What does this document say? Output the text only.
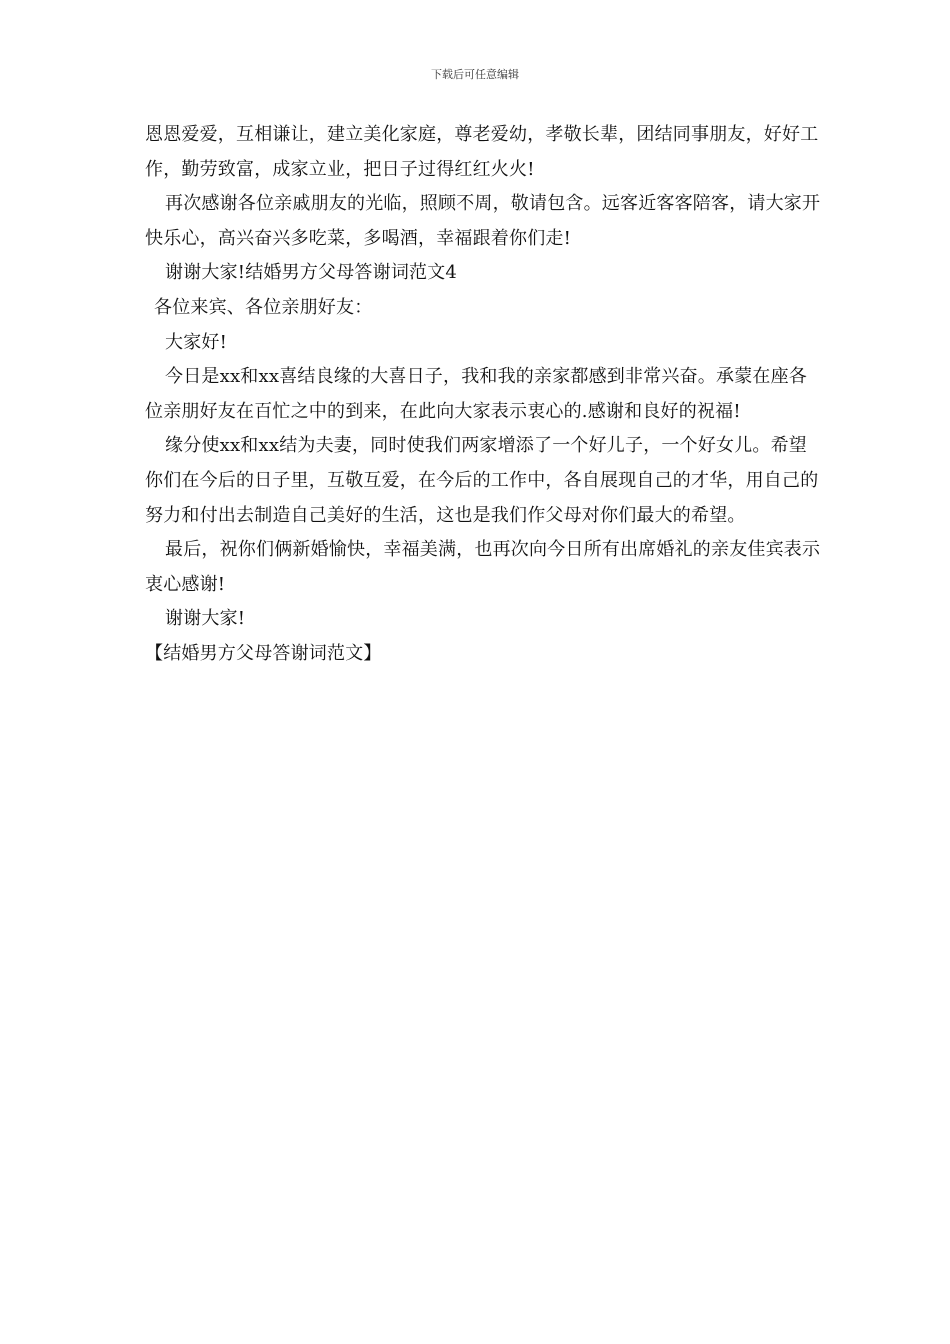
下载后可任意编辑

恩恩爱爱，互相谦让，建立美化家庭，尊老爱幼，孝敬长辈，团结同事朋友，好好工作，勤劳致富，成家立业，把日子过得红红火火!

再次感谢各位亲戚朋友的光临，照顾不周，敬请包含。远客近客客陪客，请大家开快乐心，高兴奋兴多吃菜，多喝酒，幸福跟着你们走!

谢谢大家!结婚男方父母答谢词范文4

各位来宾、各位亲朋好友：

大家好!

今日是xx和xx喜结良缘的大喜日子，我和我的亲家都感到非常兴奋。承蒙在座各位亲朋好友在百忙之中的到来，在此向大家表示衷心的.感谢和良好的祝福!

缘分使xx和xx结为夫妻，同时使我们两家增添了一个好儿子，一个好女儿。希望你们在今后的日子里，互敬互爱，在今后的工作中，各自展现自己的才华，用自己的努力和付出去制造自己美好的生活，这也是我们作父母对你们最大的希望。

最后，祝你们俩新婚愉快，幸福美满，也再次向今日所有出席婚礼的亲友佳宾表示衷心感谢!

谢谢大家!

【结婚男方父母答谢词范文】
